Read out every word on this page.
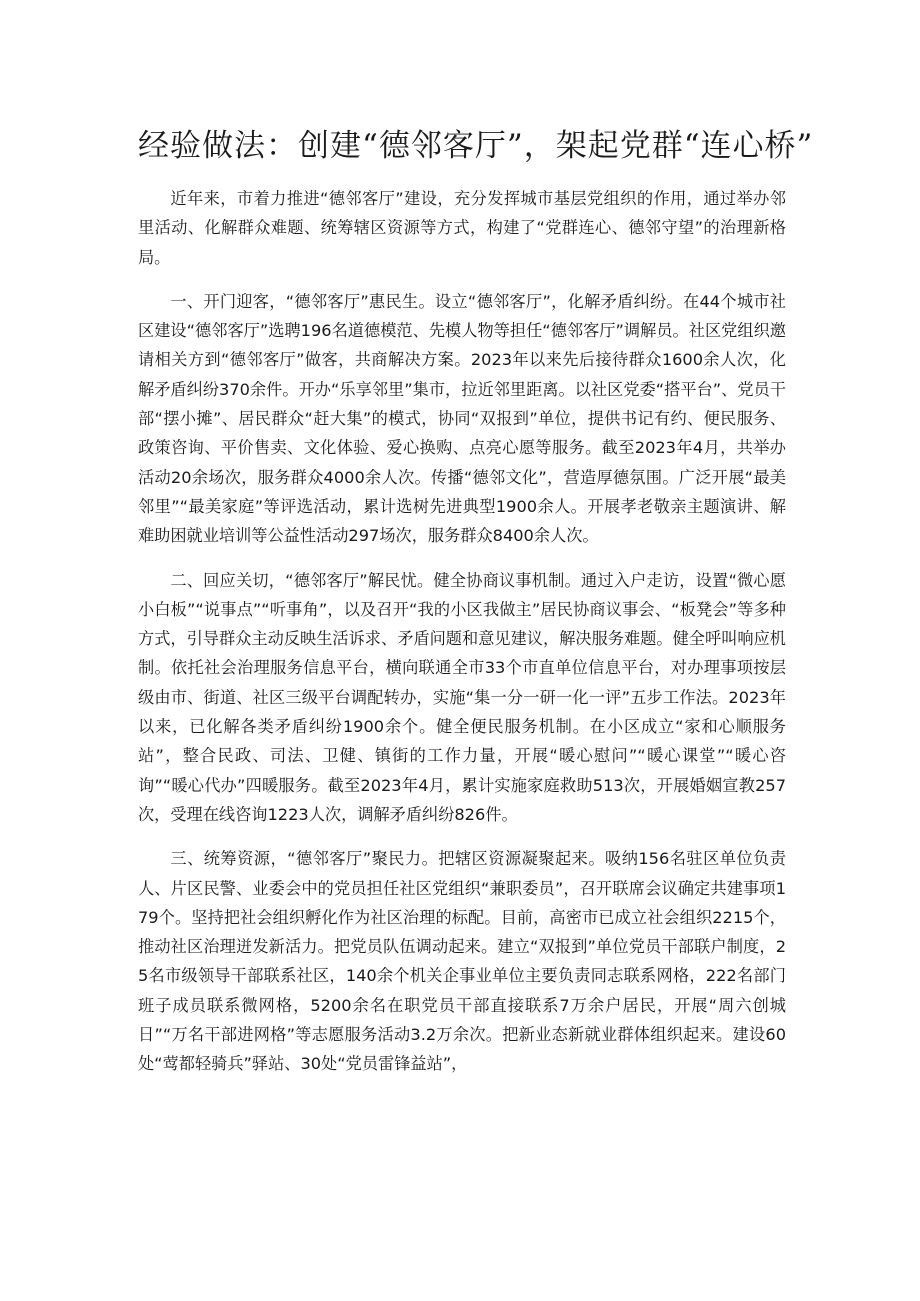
经验做法：创建“德邻客厅”，架起党群“连心桥”

近年来，市着力推进“德邻客厅”建设，充分发挥城市基层党组织的作用，通过举办邻里活动、化解群众难题、统筹辖区资源等方式，构建了“党群连心、德邻守望”的治理新格局。

一、开门迎客，“德邻客厅”惠民生。设立“德邻客厅”，化解矛盾纠纷。在44个城市社区建设“德邻客厅”选聘196名道德模范、先模人物等担任“德邻客厅”调解员。社区党组织邀请相关方到“德邻客厅”做客，共商解决方案。2023年以来先后接待群众1600余人次，化解矛盾纠纷370余件。开办“乐享邻里”集市，拉近邻里距离。以社区党委“搭平台”、党员干部“摆小摊”、居民群众“赶大集”的模式，协同“双报到”单位，提供书记有约、便民服务、政策咨询、平价售卖、文化体验、爱心换购、点亮心愿等服务。截至2023年4月，共举办活动20余场次，服务群众4000余人次。传播“德邻文化”，营造厚德氛围。广泛开展“最美邻里”“最美家庭”等评选活动，累计选树先进典型1900余人。开展孝老敬亲主题演讲、解难助困就业培训等公益性活动297场次，服务群众8400余人次。

二、回应关切，“德邻客厅”解民忧。健全协商议事机制。通过入户走访，设置“微心愿小白板”“说事点”“听事角”，以及召开“我的小区我做主”居民协商议事会、“板凳会”等多种方式，引导群众主动反映生活诉求、矛盾问题和意见建议，解决服务难题。健全呼叫响应机制。依托社会治理服务信息平台，横向联通全市33个市直单位信息平台，对办理事项按层级由市、街道、社区三级平台调配转办，实施“集一分一研一化一评”五步工作法。2023年以来，已化解各类矛盾纠纷1900余个。健全便民服务机制。在小区成立“家和心顺服务站”，整合民政、司法、卫健、镇街的工作力量，开展“暖心慰问”“暖心课堂”“暖心咨询”“暖心代办”四暖服务。截至2023年4月，累计实施家庭救助513次，开展婚姻宣教257次，受理在线咨询1223人次，调解矛盾纠纷826件。

三、统筹资源，“德邻客厅”聚民力。把辖区资源凝聚起来。吸纳156名驻区单位负责人、片区民警、业委会中的党员担任社区党组织“兼职委员”，召开联席会议确定共建事项179个。坚持把社会组织孵化作为社区治理的标配。目前，高密市已成立社会组织2215个，推动社区治理迸发新活力。把党员队伍调动起来。建立“双报到”单位党员干部联户制度，25名市级领导干部联系社区，140余个机关企事业单位主要负责同志联系网格，222名部门班子成员联系微网格，5200余名在职党员干部直接联系7万余户居民，开展“周六创城日”“万名干部进网格”等志愿服务活动3.2万余次。把新业态新就业群体组织起来。建设60处“莺都轻骑兵”驿站、30处“党员雷锋益站”，
